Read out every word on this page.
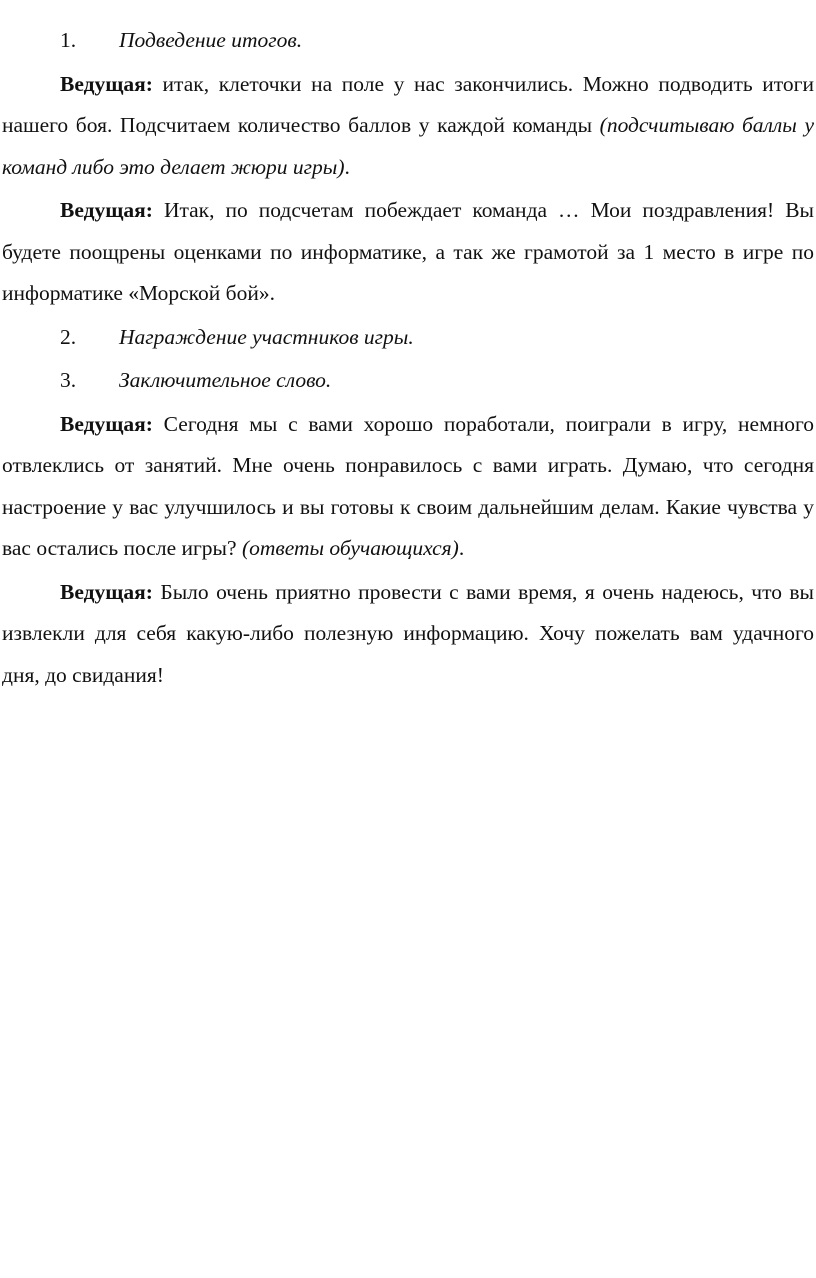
1. Подведение итогов.

Ведущая: итак, клеточки на поле у нас закончились. Можно подводить итоги нашего боя. Подсчитаем количество баллов у каждой команды (подсчитываю баллы у команд либо это делает жюри игры).

Ведущая: Итак, по подсчетам побеждает команда … Мои поздравления! Вы будете поощрены оценками по информатике, а так же грамотой за 1 место в игре по информатике «Морской бой».

2. Награждение участников игры.
3. Заключительное слово.

Ведущая: Сегодня мы с вами хорошо поработали, поиграли в игру, немного отвлеклись от занятий. Мне очень понравилось с вами играть. Думаю, что сегодня настроение у вас улучшилось и вы готовы к своим дальнейшим делам. Какие чувства у вас остались после игры? (ответы обучающихся).

Ведущая: Было очень приятно провести с вами время, я очень надеюсь, что вы извлекли для себя какую-либо полезную информацию. Хочу пожелать вам удачного дня, до свидания!
